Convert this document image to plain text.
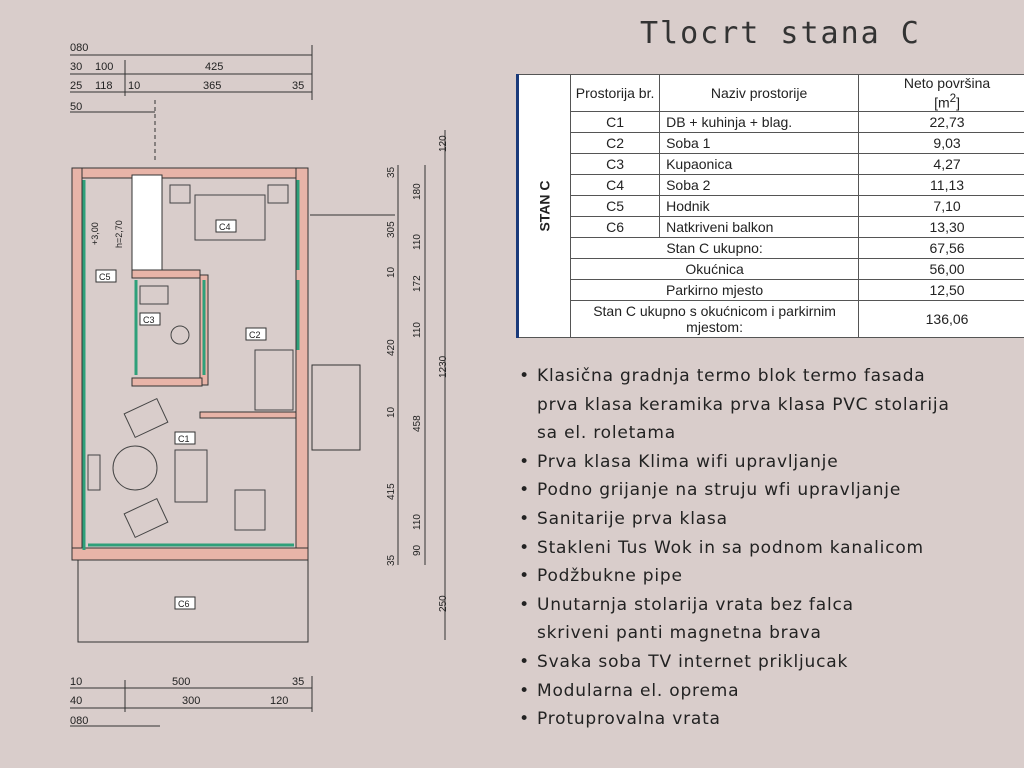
080
30 100	425
25 118 10	365	35
50
C1
C2
C3
C4
C5
C6
+3,00 h=2,70
120
35
180
305
110
10
172
110
420
1230
10
458
415
110
35
90
250
10	500	35
40	300	120
080
Tlocrt stana C
STAN C	Prostorija br.	Naziv prostorije	Neto površina
$[m^2]$
	C1	DB + kuhinja + blag.	22,73
	C2	Soba 1	9,03
	C3	Kupaonica	4,27
	C4	Soba 2	11,13
	C5	Hodnik	7,10
	C6	Natkriveni balkon	13,30
	Stan C ukupno:		67,56
	Okućnica		56,00
	Parkirno mjesto		12,50
	Stan C ukupno s okućnicom i parkirnim mjestom:		136,06
• Klasična gradnja termo blok termo fasada
prva klasa keramika prva klasa PVC stolarija
sa el. roletama
• Prva klasa Klima wifi upravljanje
• Podno grijanje na struju wfi upravljanje
• Sanitarije prva klasa
• Stakleni Tus Wok in sa podnom kanalicom
• Podžbukne pipe
• Unutarnja stolarija vrata bez falca
skriveni panti magnetna brava
• Svaka soba TV internet prikljucak
• Modularna el. oprema
• Protuprovalna vrata
